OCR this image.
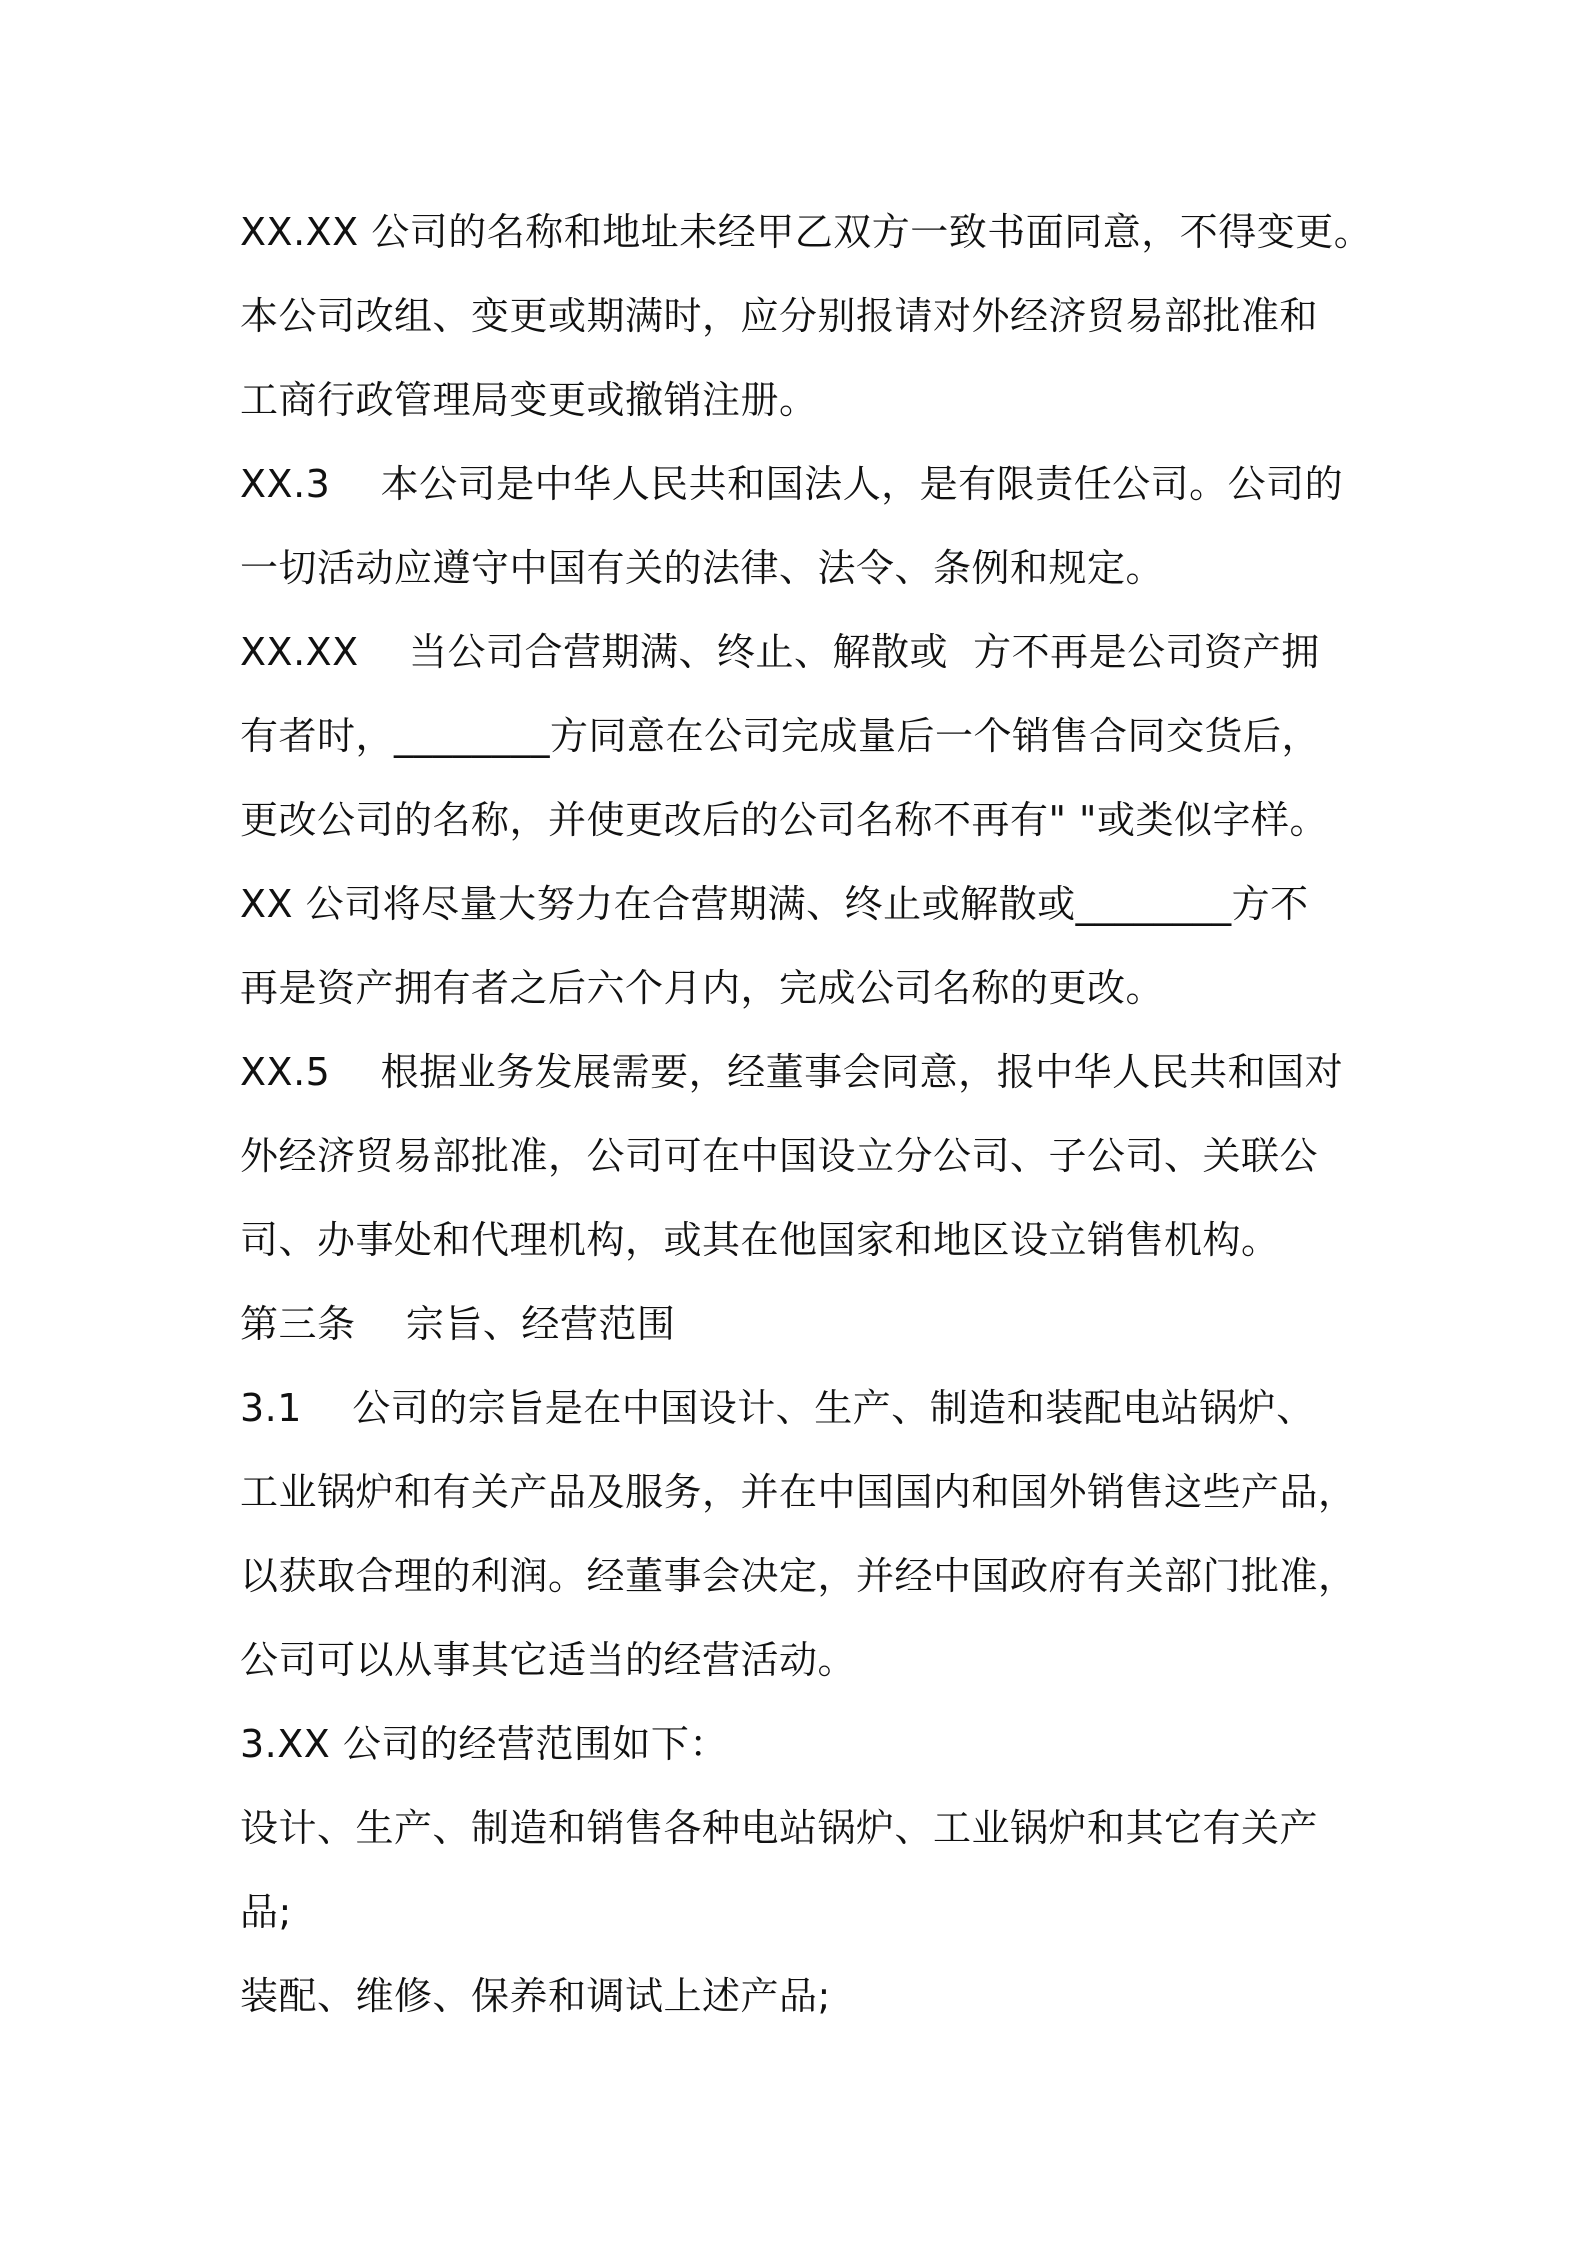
XX.XX 公司的名称和地址未经甲乙双方一致书面同意，不得变更。
本公司改组、变更或期满时，应分别报请对外经济贸易部批准和
工商行政管理局变更或撤销注册。
XX.3    本公司是中华人民共和国法人，是有限责任公司。公司的
一切活动应遵守中国有关的法律、法令、条例和规定。
XX.XX    当公司合营期满、终止、解散或  方不再是公司资产拥
有者时，________方同意在公司完成量后一个销售合同交货后，
更改公司的名称，并使更改后的公司名称不再有" "或类似字样。
XX 公司将尽量大努力在合营期满、终止或解散或________方不
再是资产拥有者之后六个月内，完成公司名称的更改。
XX.5    根据业务发展需要，经董事会同意，报中华人民共和国对
外经济贸易部批准，公司可在中国设立分公司、子公司、关联公
司、办事处和代理机构，或其在他国家和地区设立销售机构。
第三条    宗旨、经营范围
3.1    公司的宗旨是在中国设计、生产、制造和装配电站锅炉、
工业锅炉和有关产品及服务，并在中国国内和国外销售这些产品，
以获取合理的利润。经董事会决定，并经中国政府有关部门批准，
公司可以从事其它适当的经营活动。
3.XX 公司的经营范围如下：
设计、生产、制造和销售各种电站锅炉、工业锅炉和其它有关产
品;
装配、维修、保养和调试上述产品;
